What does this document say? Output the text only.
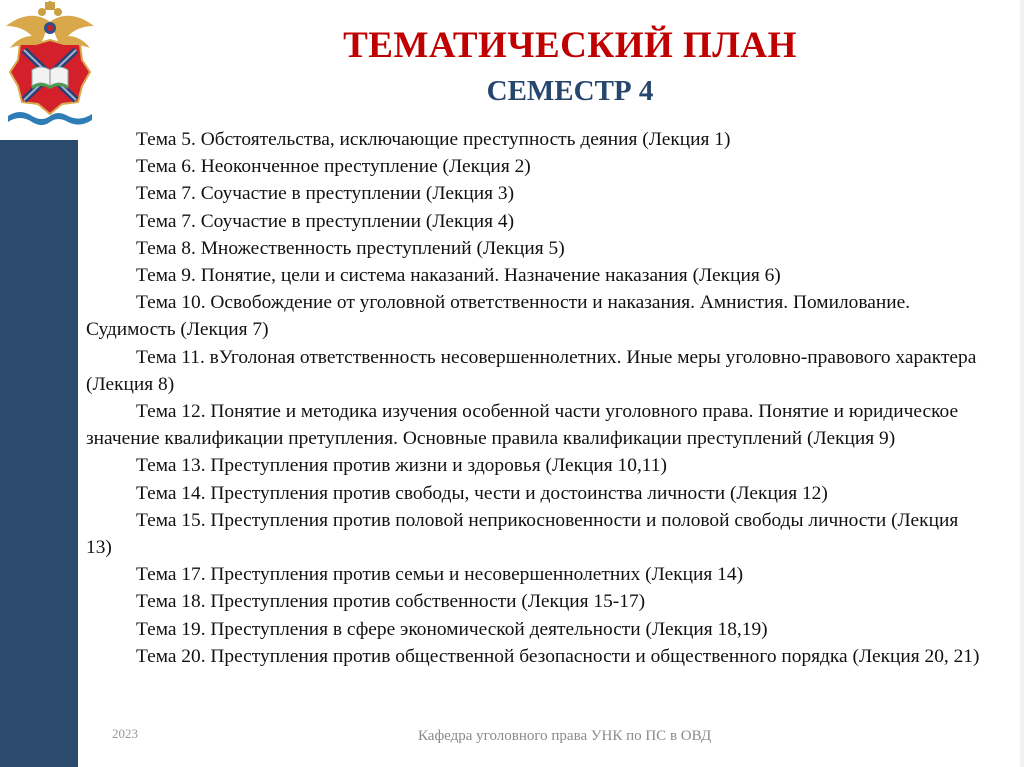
ТЕМАТИЧЕСКИЙ ПЛАН
СЕМЕСТР 4

Тема 5. Обстоятельства, исключающие преступность деяния (Лекция 1)

Тема 6. Неоконченное преступление (Лекция 2)

Тема 7. Соучастие в преступлении (Лекция 3)

Тема 7. Соучастие в преступлении (Лекция 4)

Тема 8. Множественность преступлений (Лекция 5)

Тема 9. Понятие, цели и система наказаний. Назначение наказания (Лекция 6)

Тема 10. Освобождение от уголовной ответственности и наказания. Амнистия. Помилование. Судимость (Лекция 7)

Тема 11. вУголоная ответственность несовершеннолетних. Иные меры уголовно-правового характера (Лекция 8)

Тема 12. Понятие и методика изучения особенной части уголовного права. Понятие и юридическое значение квалификации претупления. Основные правила квалификации преступлений (Лекция 9)

Тема 13. Преступления против жизни и здоровья (Лекция 10,11)

Тема 14. Преступления против свободы, чести и достоинства личности (Лекция 12)

Тема 15. Преступления против половой неприкосновенности и половой свободы личности (Лекция 13)

Тема 17. Преступления против семьи и несовершеннолетних (Лекция 14)

Тема 18. Преступления против собственности (Лекция 15-17)

Тема 19. Преступления в сфере экономической деятельности (Лекция 18,19)

Тема 20. Преступления против общественной безопасности и общественного порядка (Лекция 20, 21)

2023	Кафедра уголовного права УНК по ПС в ОВД
